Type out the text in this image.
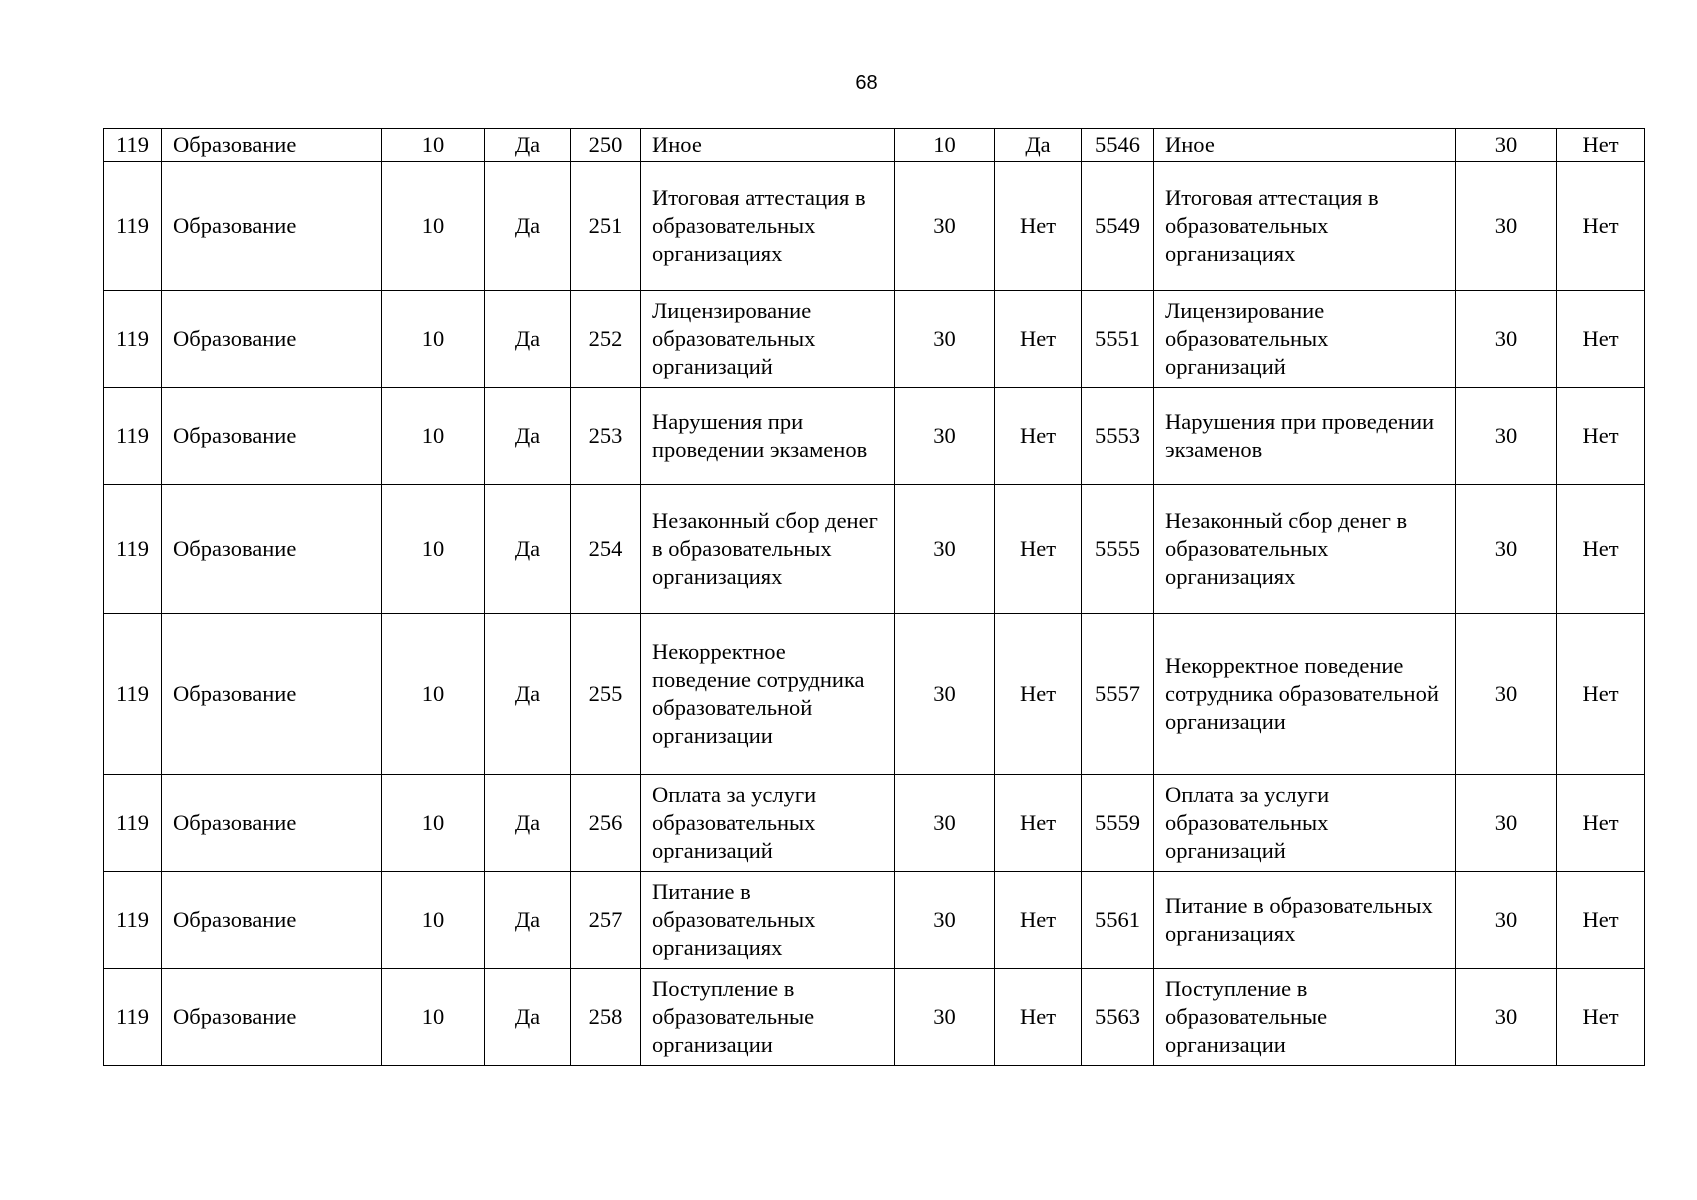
68
119	Образование	10	Да	250	Иное	10	Да	5546	Иное	30	Нет
119	Образование	10	Да	251	Итоговая аттестация в образовательных организациях	30	Нет	5549	Итоговая аттестация в образовательных организациях	30	Нет
119	Образование	10	Да	252	Лицензирование образовательных организаций	30	Нет	5551	Лицензирование образовательных организаций	30	Нет
119	Образование	10	Да	253	Нарушения при проведении экзаменов	30	Нет	5553	Нарушения при проведении экзаменов	30	Нет
119	Образование	10	Да	254	Незаконный сбор денег в образовательных организациях	30	Нет	5555	Незаконный сбор денег в образовательных организациях	30	Нет
119	Образование	10	Да	255	Некорректное поведение сотрудника образовательной организации	30	Нет	5557	Некорректное поведение сотрудника образовательной организации	30	Нет
119	Образование	10	Да	256	Оплата за услуги образовательных организаций	30	Нет	5559	Оплата за услуги образовательных организаций	30	Нет
119	Образование	10	Да	257	Питание в образовательных организациях	30	Нет	5561	Питание в образовательных организациях	30	Нет
119	Образование	10	Да	258	Поступление в образовательные организации	30	Нет	5563	Поступление в образовательные организации	30	Нет
